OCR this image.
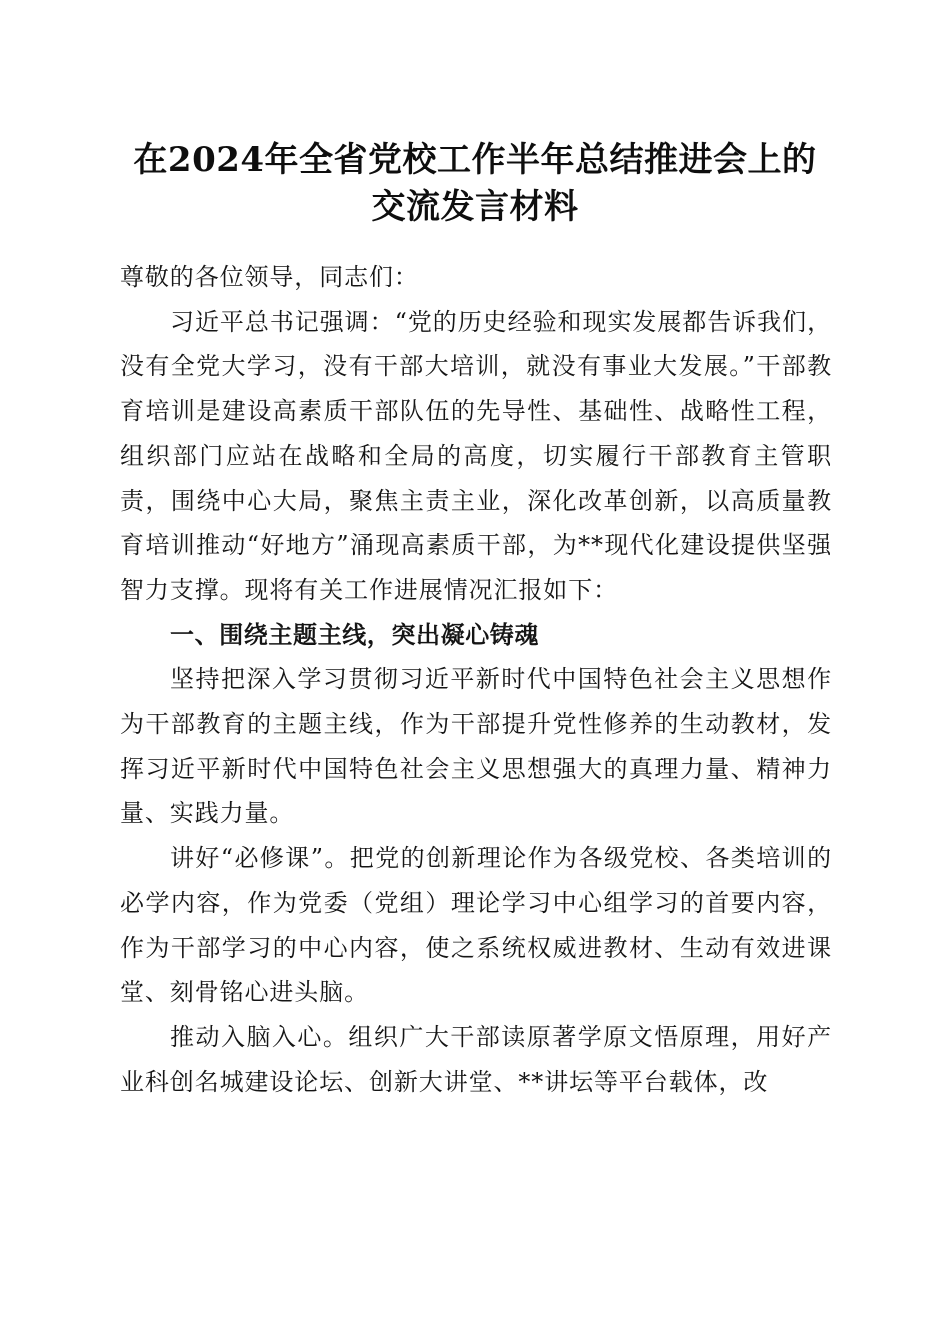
在2024年全省党校工作半年总结推进会上的
交流发言材料

尊敬的各位领导，同志们：

习近平总书记强调：“党的历史经验和现实发展都告诉我们，没有全党大学习，没有干部大培训，就没有事业大发展。”干部教育培训是建设高素质干部队伍的先导性、基础性、战略性工程，组织部门应站在战略和全局的高度，切实履行干部教育主管职责，围绕中心大局，聚焦主责主业，深化改革创新，以高质量教育培训推动“好地方”涌现高素质干部，为**现代化建设提供坚强智力支撑。现将有关工作进展情况汇报如下：

一、围绕主题主线，突出凝心铸魂

坚持把深入学习贯彻习近平新时代中国特色社会主义思想作为干部教育的主题主线，作为干部提升党性修养的生动教材，发挥习近平新时代中国特色社会主义思想强大的真理力量、精神力量、实践力量。

讲好“必修课”。把党的创新理论作为各级党校、各类培训的必学内容，作为党委（党组）理论学习中心组学习的首要内容，作为干部学习的中心内容，使之系统权威进教材、生动有效进课堂、刻骨铭心进头脑。

推动入脑入心。组织广大干部读原著学原文悟原理，用好产业科创名城建设论坛、创新大讲堂、**讲坛等平台载体，改
